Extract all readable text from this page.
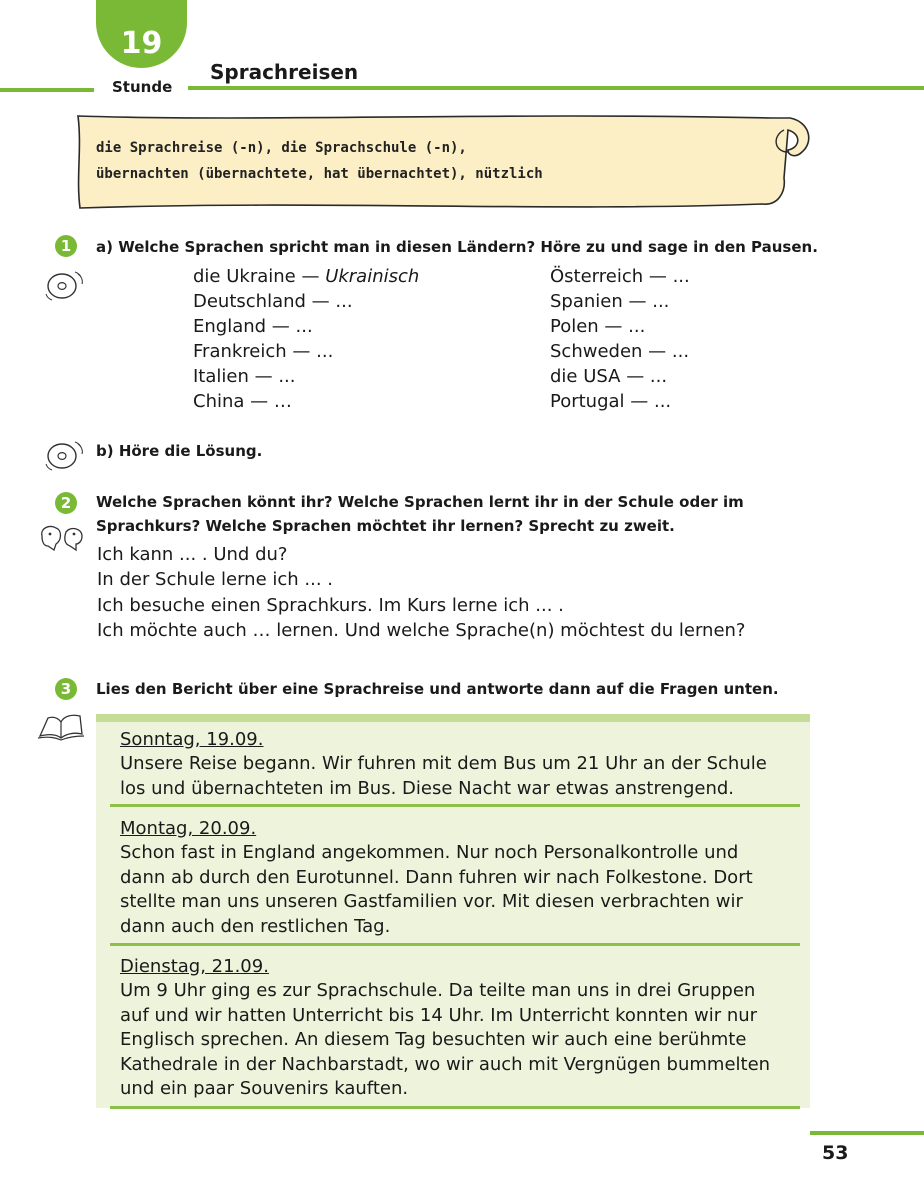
19
Stunde
Sprachreisen
die Sprachreise (-n), die Sprachschule (-n),
übernachten (übernachtete, hat übernachtet), nützlich
1	a) Welche Sprachen spricht man in diesen Ländern? Höre zu und sage in den Pausen.
die Ukraine — Ukrainisch
Deutschland — ...
England — ...
Frankreich — ...
Italien — ...
China — …
Österreich — ...
Spanien — ...
Polen — ...
Schweden — ...
die USA — ...
Portugal — ...
b) Höre die Lösung.
2	Welche Sprachen könnt ihr? Welche Sprachen lernt ihr in der Schule oder im
Sprachkurs? Welche Sprachen möchtet ihr lernen? Sprecht zu zweit.
Ich kann ... . Und du?
In der Schule lerne ich ... .
Ich besuche einen Sprachkurs. Im Kurs lerne ich ... .
Ich möchte auch … lernen. Und welche Sprache(n) möchtest du lernen?
3	Lies den Bericht über eine Sprachreise und antworte dann auf die Fragen unten.
Sonntag, 19.09.
Unsere Reise begann. Wir fuhren mit dem Bus um 21 Uhr an der Schule
los und übernachteten im Bus. Diese Nacht war etwas anstrengend.
Montag, 20.09.
Schon fast in England angekommen. Nur noch Personalkontrolle und
dann ab durch den Eurotunnel. Dann fuhren wir nach Folkestone. Dort
stellte man uns unseren Gastfamilien vor. Mit diesen verbrachten wir
dann auch den restlichen Tag.
Dienstag, 21.09.
Um 9 Uhr ging es zur Sprachschule. Da teilte man uns in drei Gruppen
auf und wir hatten Unterricht bis 14 Uhr. Im Unterricht konnten wir nur
Englisch sprechen. An diesem Tag besuchten wir auch eine berühmte
Kathedrale in der Nachbarstadt, wo wir auch mit Vergnügen bummelten
und ein paar Souvenirs kauften.
53
